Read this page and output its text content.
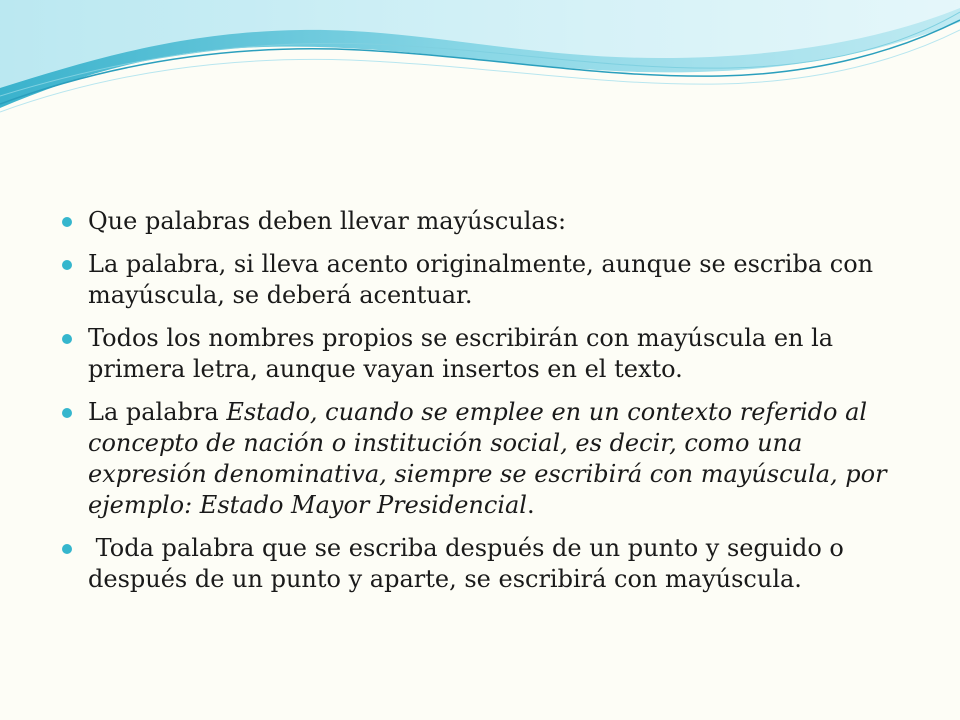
Que palabras deben llevar mayúsculas:
La palabra, si lleva acento originalmente, aunque se escriba con mayúscula, se deberá acentuar.
Todos los nombres propios se escribirán con mayúscula en la primera letra, aunque vayan insertos en el texto.
La palabra Estado, cuando se emplee en un contexto referido al concepto de nación o institución social, es decir, como una expresión denominativa, siempre se escribirá con mayúscula, por ejemplo: Estado Mayor Presidencial.
Toda palabra que se escriba después de un punto y seguido o después de un punto y aparte, se escribirá con mayúscula.
